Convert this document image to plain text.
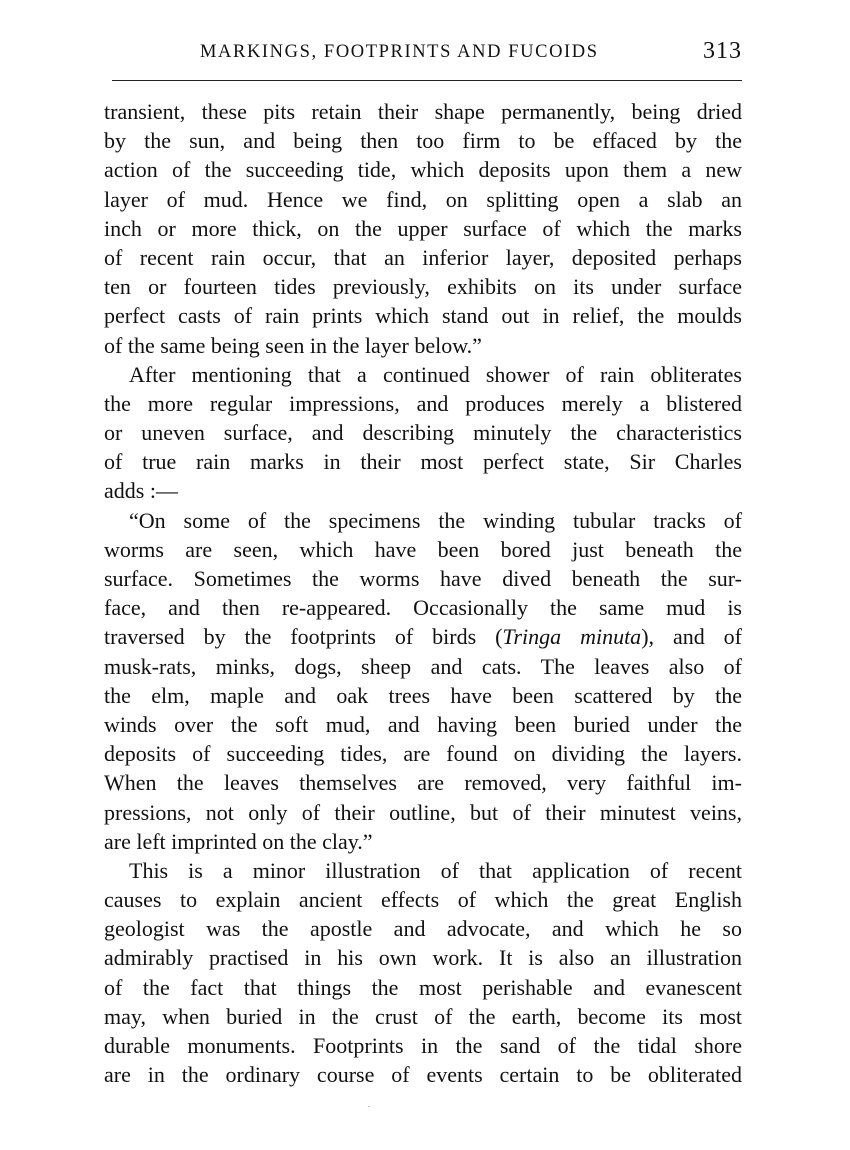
MARKINGS, FOOTPRINTS AND FUCOIDS	313
transient, these pits retain their shape permanently, being dried
by the sun, and being then too firm to be effaced by the
action of the succeeding tide, which deposits upon them a new
layer of mud. Hence we find, on splitting open a slab an
inch or more thick, on the upper surface of which the marks
of recent rain occur, that an inferior layer, deposited perhaps
ten or fourteen tides previously, exhibits on its under surface
perfect casts of rain prints which stand out in relief, the moulds
of the same being seen in the layer below.”
After mentioning that a continued shower of rain obliterates
the more regular impressions, and produces merely a blistered
or uneven surface, and describing minutely the characteristics
of true rain marks in their most perfect state, Sir Charles
adds :—
“On some of the specimens the winding tubular tracks of
worms are seen, which have been bored just beneath the
surface. Sometimes the worms have dived beneath the sur-
face, and then re-appeared. Occasionally the same mud is
traversed by the footprints of birds (Tringa minuta), and of
musk-rats, minks, dogs, sheep and cats. The leaves also of
the elm, maple and oak trees have been scattered by the
winds over the soft mud, and having been buried under the
deposits of succeeding tides, are found on dividing the layers.
When the leaves themselves are removed, very faithful im-
pressions, not only of their outline, but of their minutest veins,
are left imprinted on the clay.”
This is a minor illustration of that application of recent
causes to explain ancient effects of which the great English
geologist was the apostle and advocate, and which he so
admirably practised in his own work. It is also an illustration
of the fact that things the most perishable and evanescent
may, when buried in the crust of the earth, become its most
durable monuments. Footprints in the sand of the tidal shore
are in the ordinary course of events certain to be obliterated
